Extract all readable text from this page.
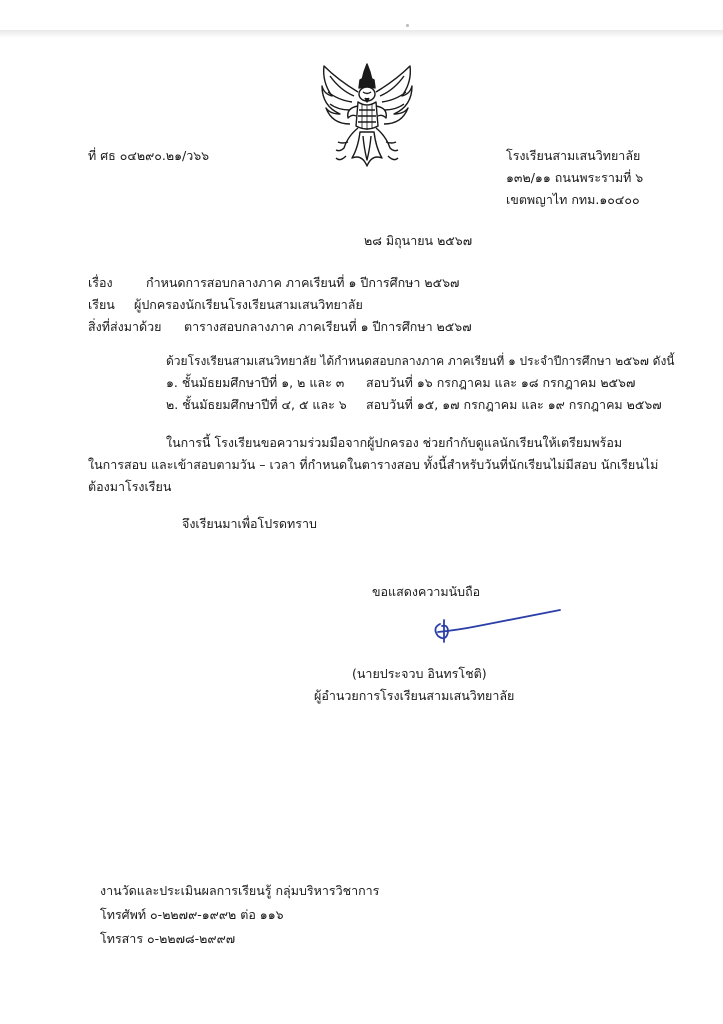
ที่ ศธ ๐๔๒๙๐.๒๑/ว๖๖	โรงเรียนสามเสนวิทยาลัย
๑๓๒/๑๑ ถนนพระรามที่ ๖
เขตพญาไท กทม.๑๐๔๐๐
๒๘ มิถุนายน ๒๕๖๗
เรื่อง	กำหนดการสอบกลางภาค ภาคเรียนที่ ๑ ปีการศึกษา ๒๕๖๗
เรียน ผู้ปกครองนักเรียนโรงเรียนสามเสนวิทยาลัย
สิ่งที่ส่งมาด้วย ตารางสอบกลางภาค ภาคเรียนที่ ๑ ปีการศึกษา ๒๕๖๗
ด้วยโรงเรียนสามเสนวิทยาลัย ได้กำหนดสอบกลางภาค ภาคเรียนที่ ๑ ประจำปีการศึกษา ๒๕๖๗ ดังนี้
๑. ชั้นมัธยมศึกษาปีที่ ๑, ๒ และ ๓ สอบวันที่ ๑๖ กรกฎาคม และ ๑๘ กรกฎาคม ๒๕๖๗
๒. ชั้นมัธยมศึกษาปีที่ ๔, ๕ และ ๖ สอบวันที่ ๑๕, ๑๗ กรกฎาคม และ ๑๙ กรกฎาคม ๒๕๖๗
ในการนี้ โรงเรียนขอความร่วมมือจากผู้ปกครอง ช่วยกำกับดูแลนักเรียนให้เตรียมพร้อม
ในการสอบ และเข้าสอบตามวัน – เวลา ที่กำหนดในตารางสอบ ทั้งนี้สำหรับวันที่นักเรียนไม่มีสอบ นักเรียนไม่
ต้องมาโรงเรียน
จึงเรียนมาเพื่อโปรดทราบ
ขอแสดงความนับถือ
(นายประจวบ อินทรโชติ)
ผู้อำนวยการโรงเรียนสามเสนวิทยาลัย
งานวัดและประเมินผลการเรียนรู้ กลุ่มบริหารวิชาการ
โทรศัพท์ ๐-๒๒๗๙-๑๙๙๒ ต่อ ๑๑๖
โทรสาร ๐-๒๒๗๘-๒๙๙๗
